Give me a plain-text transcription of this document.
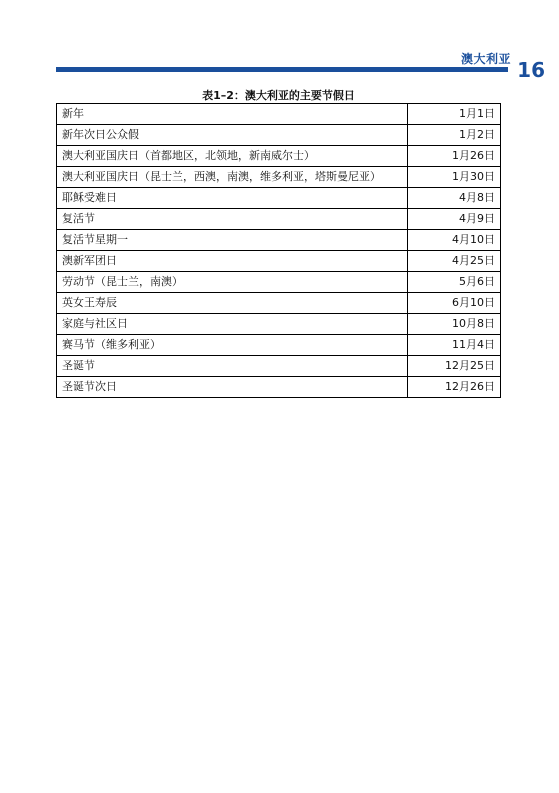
澳大利亚 16
表1–2：澳大利亚的主要节假日
新年	1月1日
新年次日公众假	1月2日
澳大利亚国庆日（首都地区，北领地，新南威尔士）	1月26日
澳大利亚国庆日（昆士兰，西澳，南澳，维多利亚，塔斯曼尼亚）	1月30日
耶稣受难日	4月8日
复活节	4月9日
复活节星期一	4月10日
澳新军团日	4月25日
劳动节（昆士兰，南澳）	5月6日
英女王寿辰	6月10日
家庭与社区日	10月8日
赛马节（维多利亚）	11月4日
圣诞节	12月25日
圣诞节次日	12月26日
